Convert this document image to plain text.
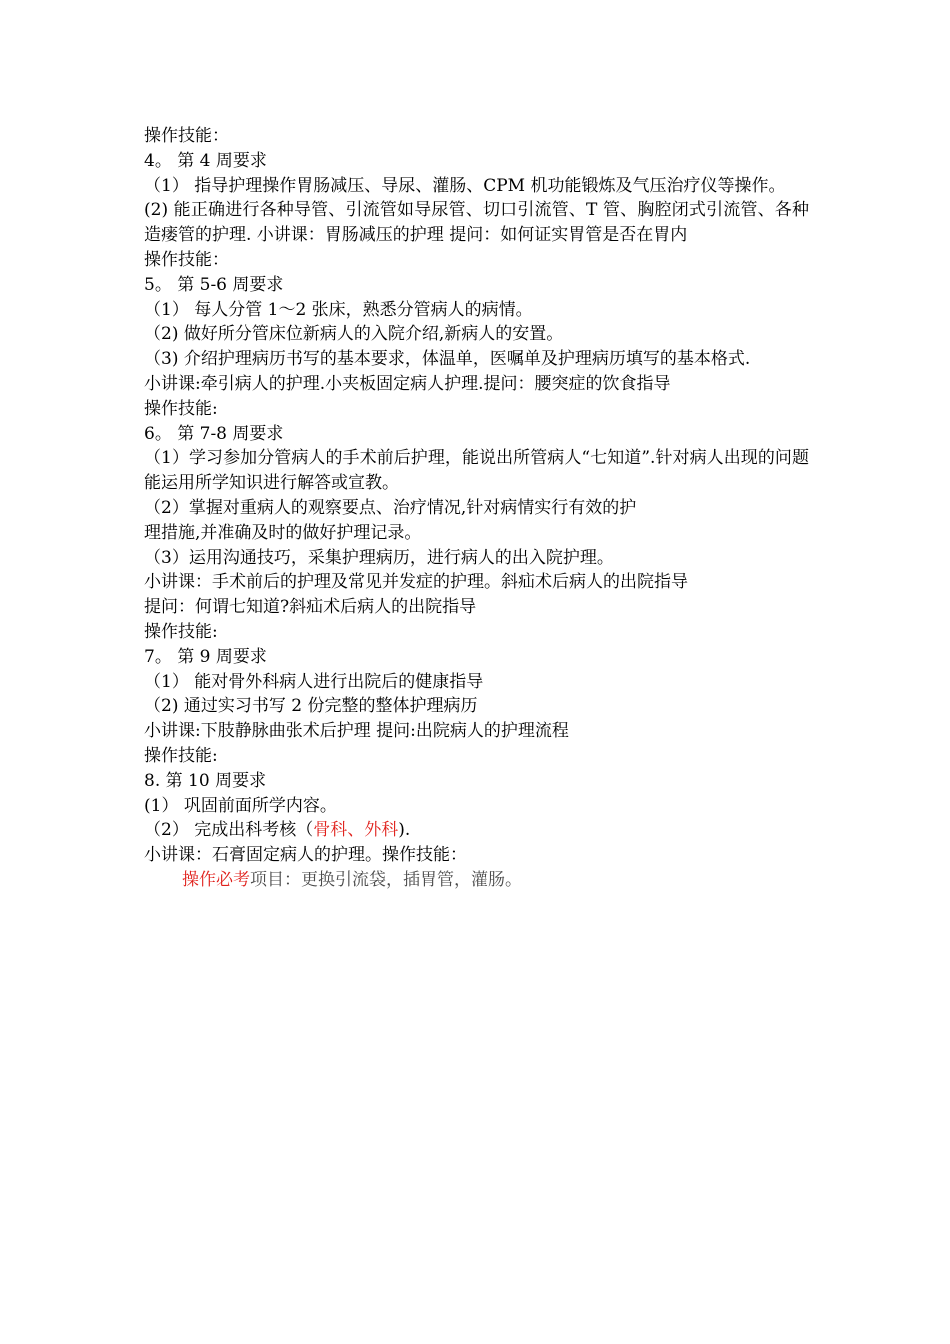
操作技能：
4。 第 4 周要求
（1） 指导护理操作胃肠减压、导尿、灌肠、CPM 机功能锻炼及气压治疗仪等操作。
(2) 能正确进行各种导管、引流管如导尿管、切口引流管、T 管、胸腔闭式引流管、各种造瘘管的护理. 小讲课：胃肠减压的护理 提问：如何证实胃管是否在胃内
操作技能：
5。 第 5-6 周要求
（1） 每人分管 1～2 张床，熟悉分管病人的病情。
（2) 做好所分管床位新病人的入院介绍,新病人的安置。
（3) 介绍护理病历书写的基本要求，体温单，医嘱单及护理病历填写的基本格式.
小讲课:牵引病人的护理.小夹板固定病人护理.提问：腰突症的饮食指导
操作技能:
6。 第 7-8 周要求
（1）学习参加分管病人的手术前后护理，能说出所管病人“七知道”.针对病人出现的问题能运用所学知识进行解答或宣教。
（2）掌握对重病人的观察要点、治疗情况,针对病情实行有效的护
理措施,并准确及时的做好护理记录。
（3）运用沟通技巧，采集护理病历，进行病人的出入院护理。
小讲课：手术前后的护理及常见并发症的护理。斜疝术后病人的出院指导
提问：何谓七知道?斜疝术后病人的出院指导
操作技能:
7。 第 9 周要求
（1） 能对骨外科病人进行出院后的健康指导
（2) 通过实习书写 2 份完整的整体护理病历
小讲课:下肢静脉曲张术后护理 提问:出院病人的护理流程
操作技能:
8. 第 10 周要求
(1） 巩固前面所学内容。
（2） 完成出科考核（骨科、外科).
小讲课：石膏固定病人的护理。操作技能：
操作必考项目：更换引流袋，插胃管，灌肠。
